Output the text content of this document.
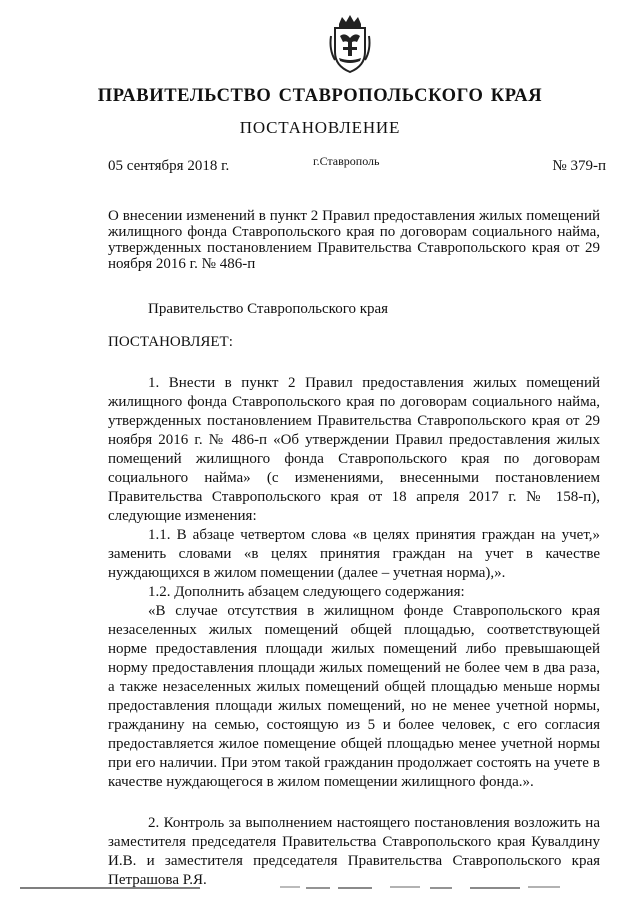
ПРАВИТЕЛЬСТВО СТАВРОПОЛЬСКОГО КРАЯ
ПОСТАНОВЛЕНИЕ
05 сентября 2018 г.	г.Ставрополь	№ 379-п
О внесении изменений в пункт 2 Правил предоставления жилых помещений жилищного фонда Ставропольского края по договорам социального найма, утвержденных постановлением Правительства Ставропольского края от 29 ноября 2016 г. № 486-п

Правительство Ставропольского края

ПОСТАНОВЛЯЕТ:

1. Внести в пункт 2 Правил предоставления жилых помещений жилищного фонда Ставропольского края по договорам социального найма, утвержденных постановлением Правительства Ставропольского края от 29 ноября 2016 г. № 486-п «Об утверждении Правил предоставления жилых помещений жилищного фонда Ставропольского края по договорам социального найма» (с изменениями, внесенными постановлением Правительства Ставропольского края от 18 апреля 2017 г. № 158-п), следующие изменения:

1.1. В абзаце четвертом слова «в целях принятия граждан на учет,» заменить словами «в целях принятия граждан на учет в качестве нуждающихся в жилом помещении (далее – учетная норма),».

1.2. Дополнить абзацем следующего содержания:

«В случае отсутствия в жилищном фонде Ставропольского края незаселенных жилых помещений общей площадью, соответствующей норме предоставления площади жилых помещений либо превышающей норму предоставления площади жилых помещений не более чем в два раза, а также незаселенных жилых помещений общей площадью меньше нормы предоставления площади жилых помещений, но не менее учетной нормы, гражданину на семью, состоящую из 5 и более человек, с его согласия предоставляется жилое помещение общей площадью менее учетной нормы при его наличии. При этом такой гражданин продолжает состоять на учете в качестве нуждающегося в жилом помещении жилищного фонда.».

2. Контроль за выполнением настоящего постановления возложить на заместителя председателя Правительства Ставропольского края Кувалдину И.В. и заместителя председателя Правительства Ставропольского края Петрашова Р.Я.
